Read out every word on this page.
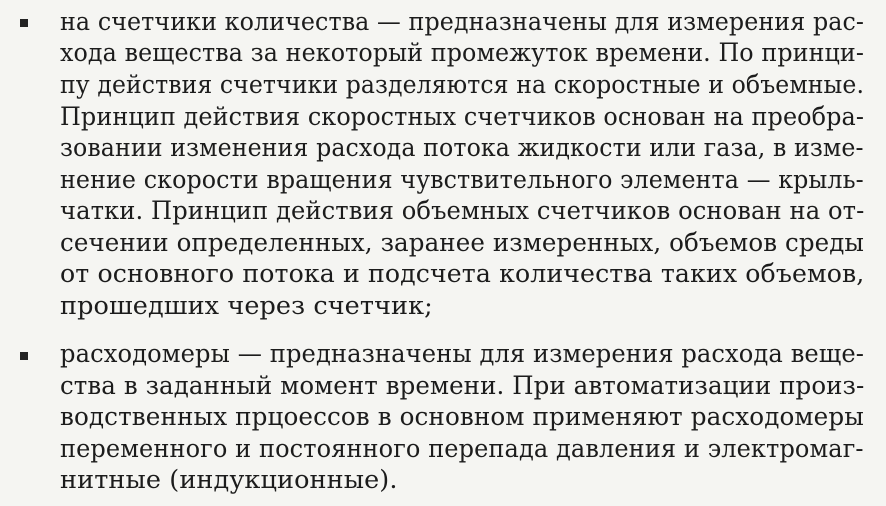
на счетчики количества — предназначены для измерения рас-
хода вещества за некоторый промежуток времени. По принци-
пу действия счетчики разделяются на скоростные и объемные.
Принцип действия скоростных счетчиков основан на преобра-
зовании изменения расхода потока жидкости или газа, в изме-
нение скорости вращения чувствительного элемента — крыль-
чатки. Принцип действия объемных счетчиков основан на от-
сечении определенных, заранее измеренных, объемов среды
от основного потока и подсчета количества таких объемов,
прошедших через счетчик;
расходомеры — предназначены для измерения расхода веще-
ства в заданный момент времени. При автоматизации произ-
водственных прцоессов в основном применяют расходомеры
переменного и постоянного перепада давления и электромаг-
нитные (индукционные).
